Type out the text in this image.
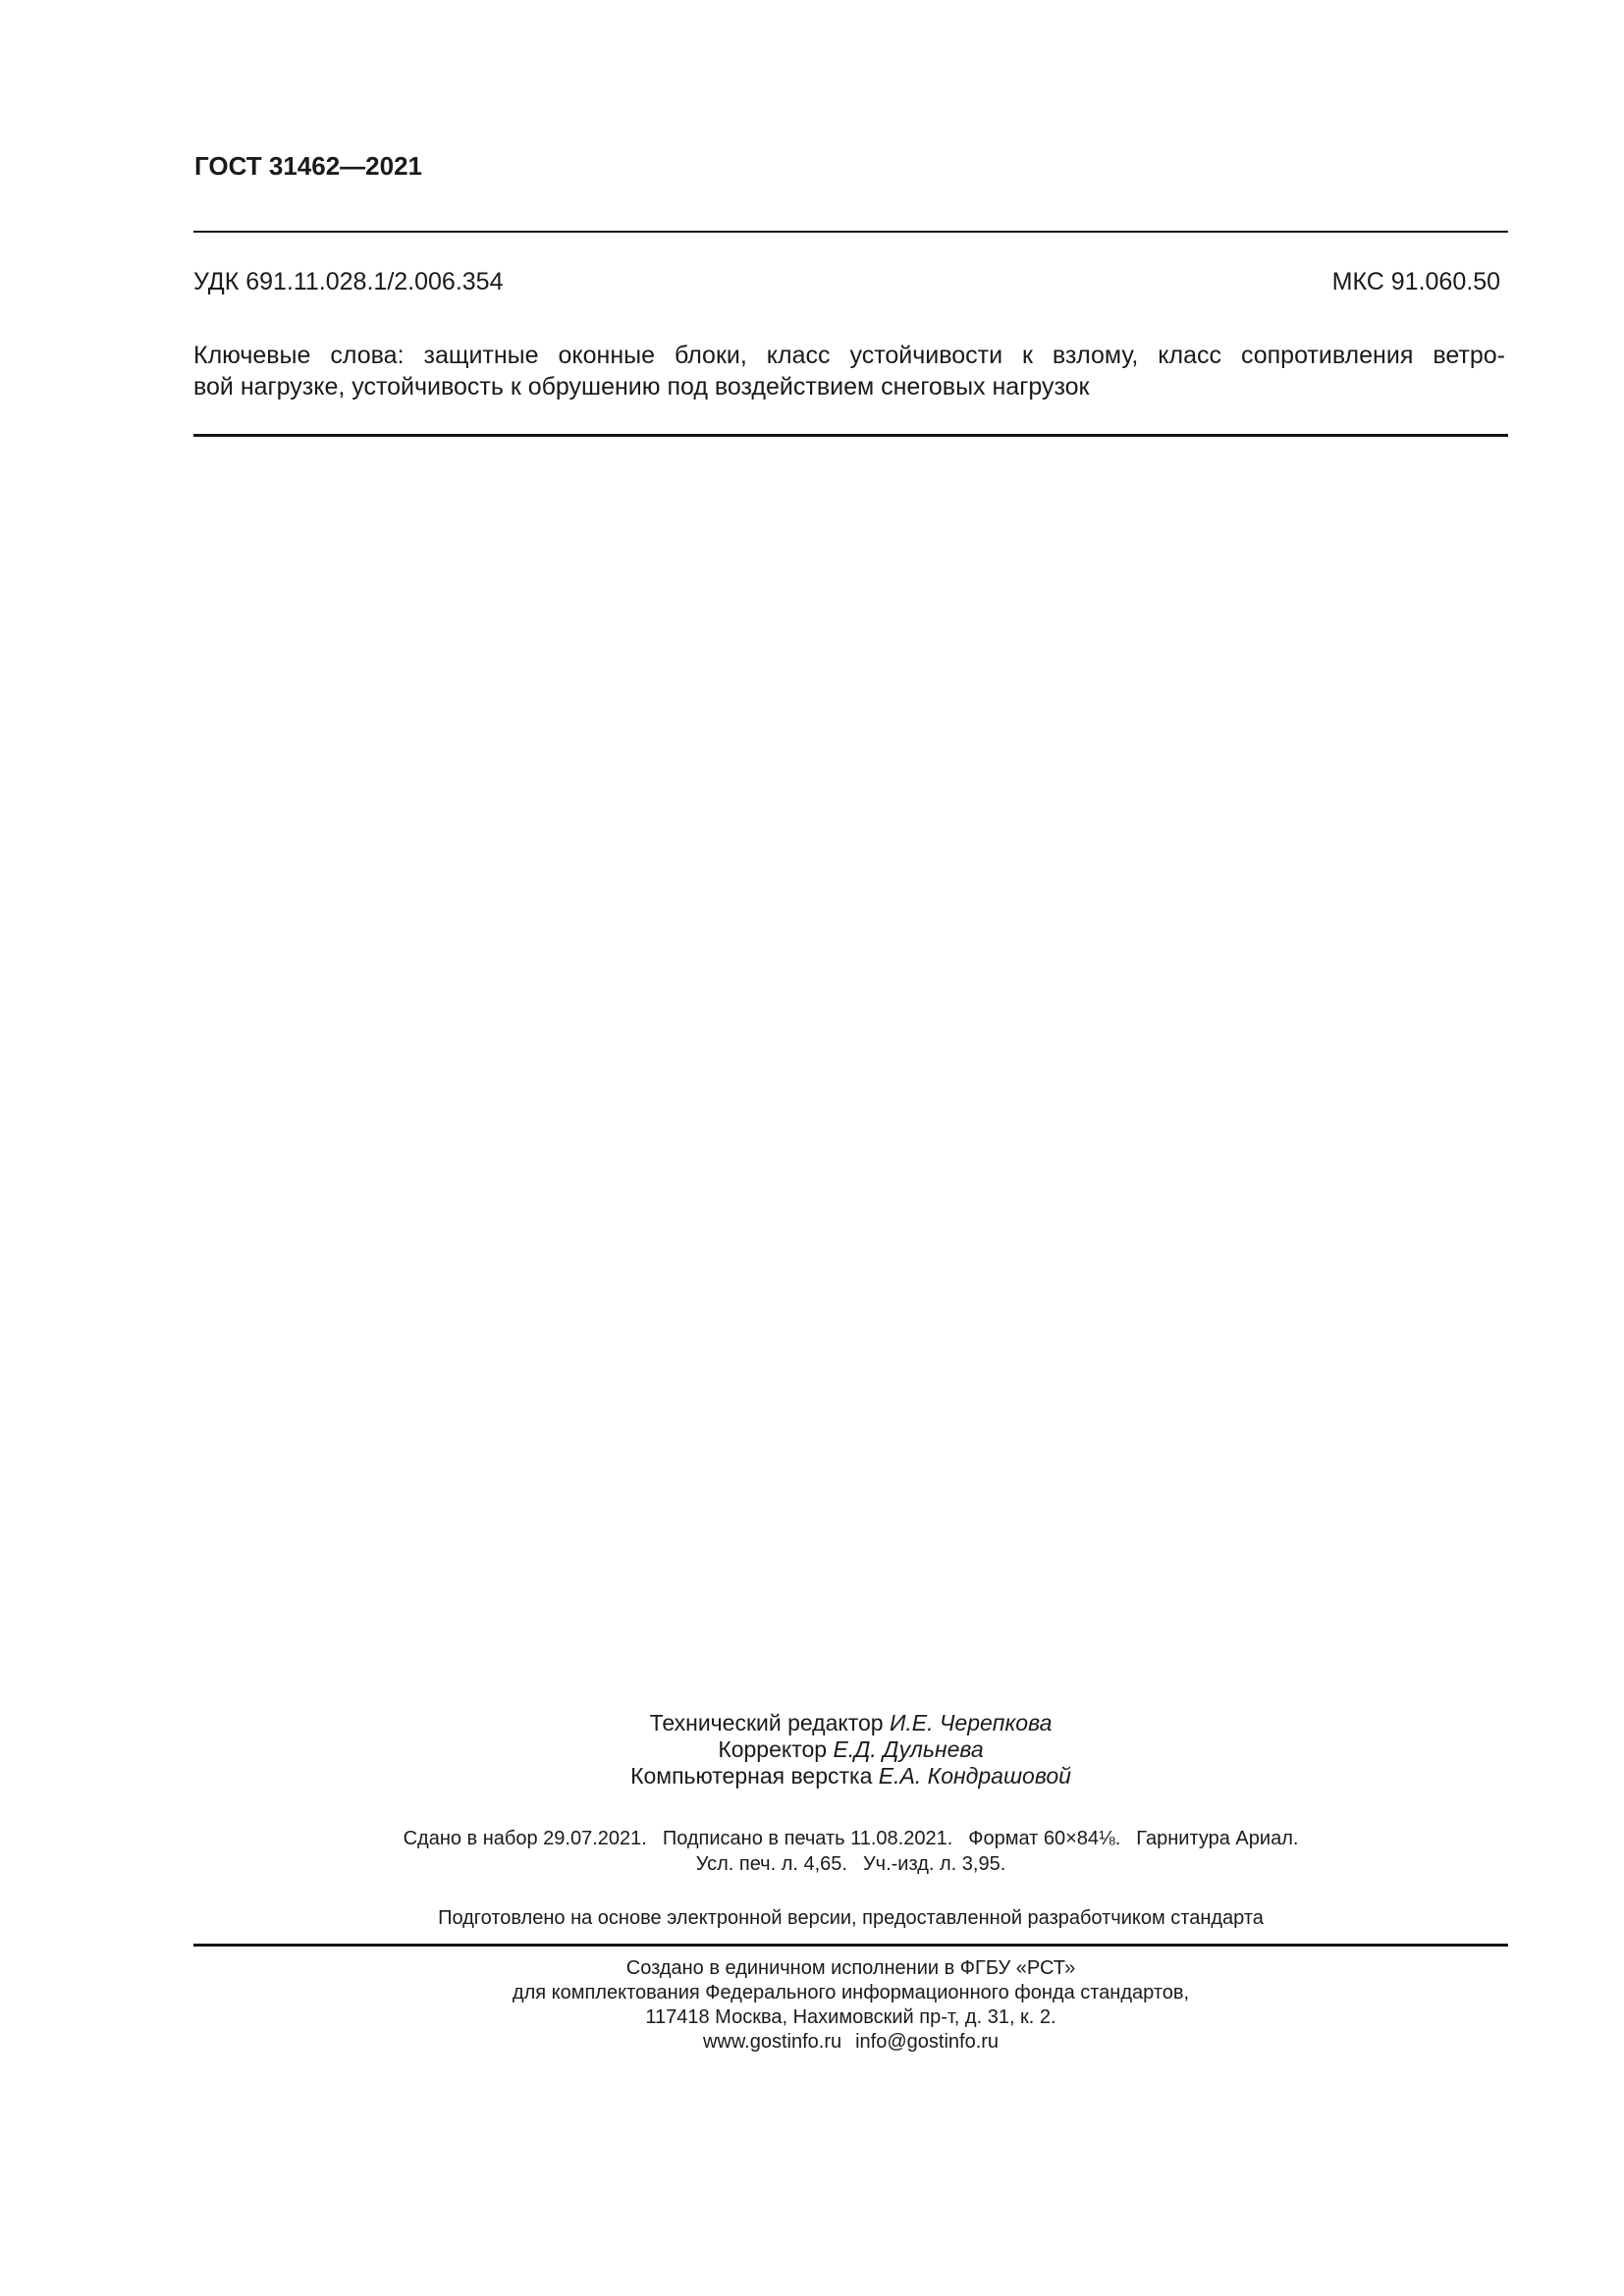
ГОСТ 31462—2021
УДК 691.11.028.1/2.006.354	МКС 91.060.50
Ключевые слова: защитные оконные блоки, класс устойчивости к взлому, класс сопротивления ветро-
вой нагрузке, устойчивость к обрушению под воздействием снеговых нагрузок
Технический редактор И.Е. Черепкова
Корректор Е.Д. Дульнева
Компьютерная верстка Е.А. Кондрашовой
Сдано в набор 29.07.2021. Подписано в печать 11.08.2021. Формат 60×84⅛. Гарнитура Ариал.
Усл. печ. л. 4,65. Уч.-изд. л. 3,95.
Подготовлено на основе электронной версии, предоставленной разработчиком стандарта
Создано в единичном исполнении в ФГБУ «РСТ»
для комплектования Федерального информационного фонда стандартов,
117418 Москва, Нахимовский пр-т, д. 31, к. 2.
www.gostinfo.ru info@gostinfo.ru
